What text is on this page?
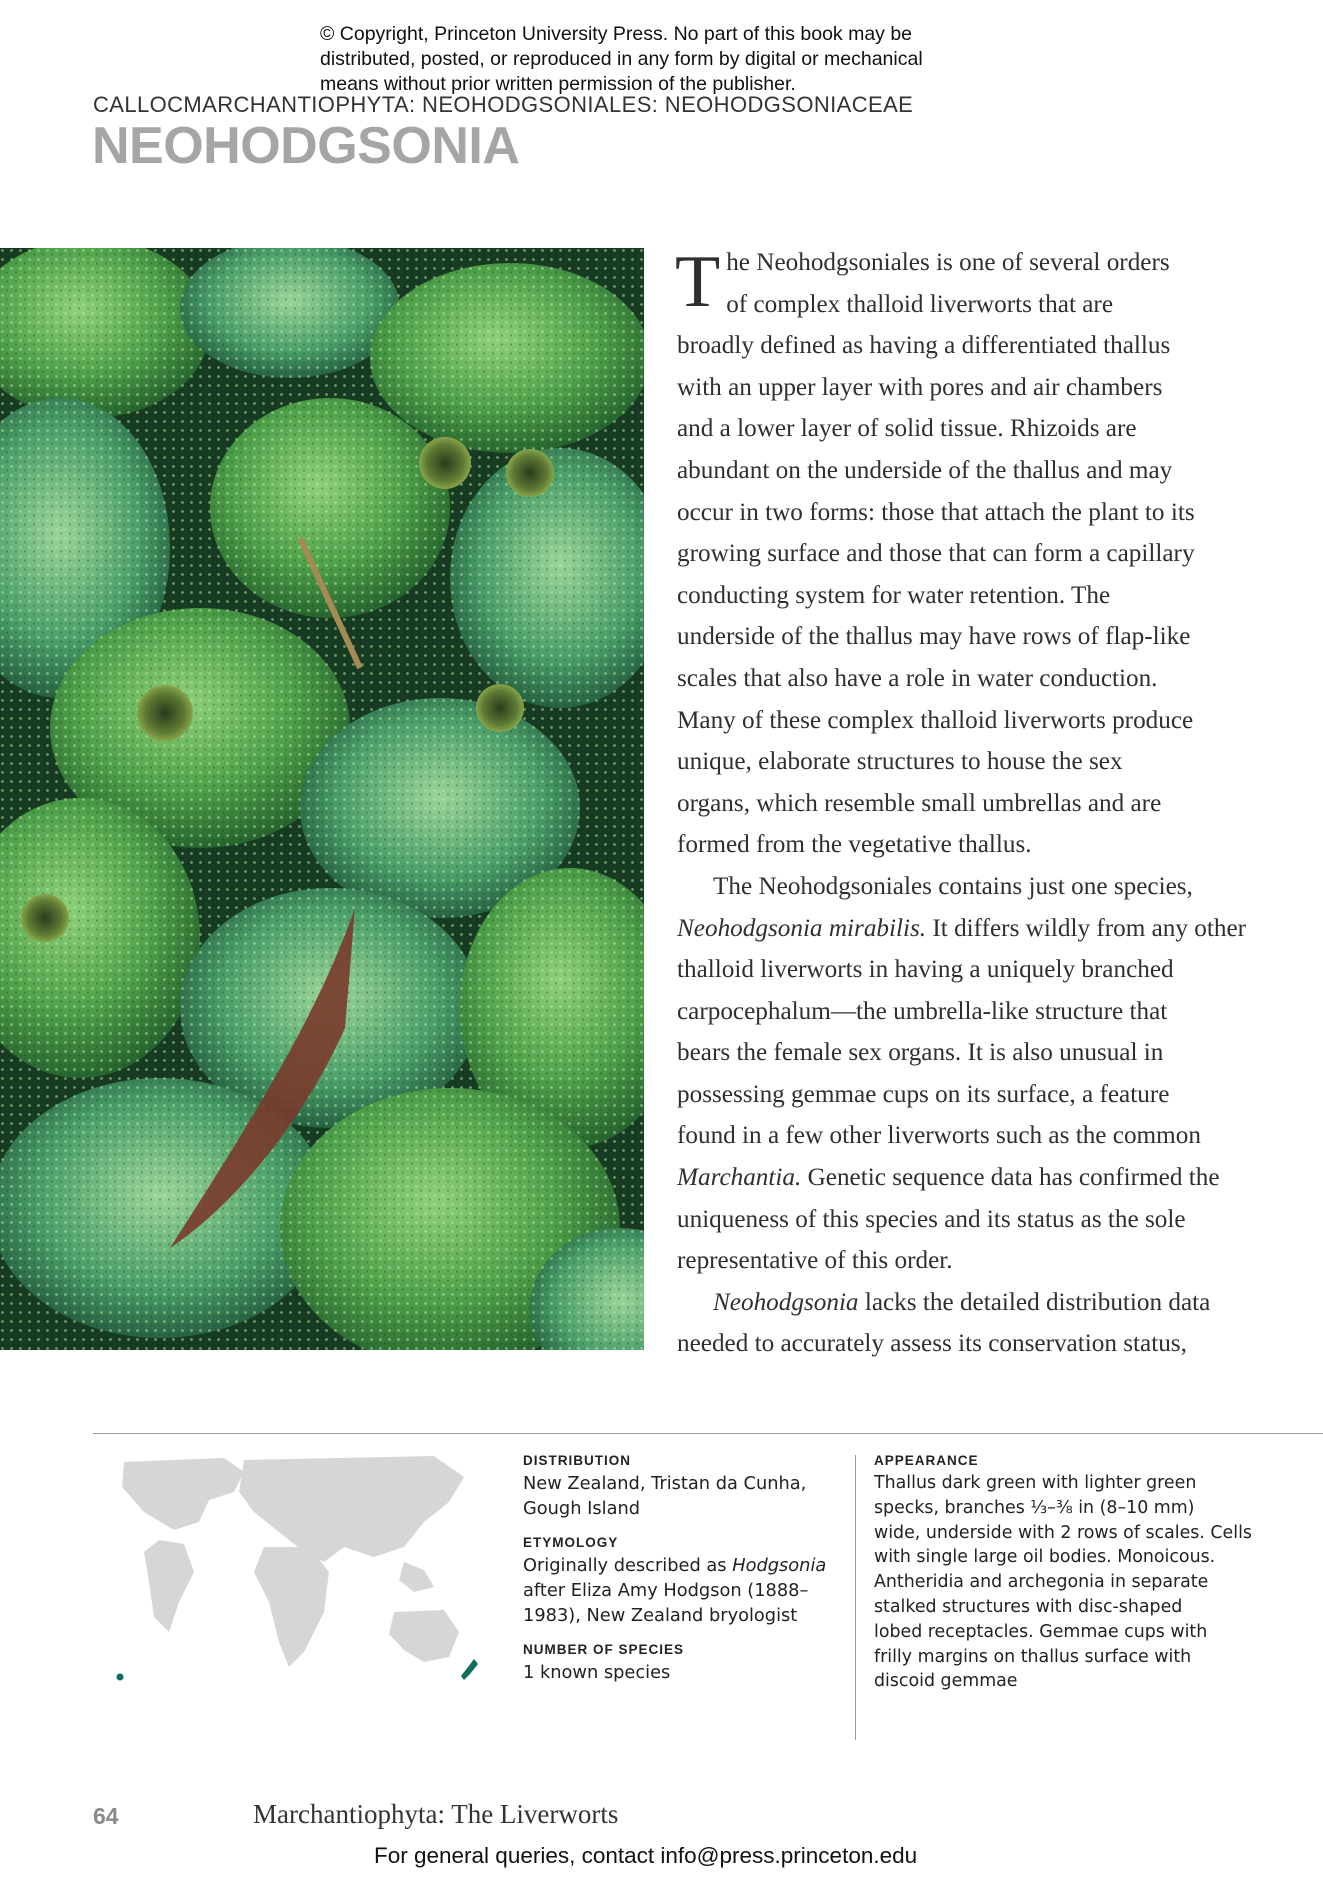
© Copyright, Princeton University Press. No part of this book may be
distributed, posted, or reproduced in any form by digital or mechanical
means without prior written permission of the publisher.
CALLOCMARCHANTIOPHYTA: NEOHODGSONIALES: NEOHODGSONIACEAE
NEOHODGSONIA

T he Neohodgsoniales is one of several orders
of complex thalloid liverworts that are
broadly defined as having a differentiated thallus
with an upper layer with pores and air chambers
and a lower layer of solid tissue. Rhizoids are
abundant on the underside of the thallus and may
occur in two forms: those that attach the plant to its
growing surface and those that can form a capillary
conducting system for water retention. The
underside of the thallus may have rows of flap-like
scales that also have a role in water conduction.
Many of these complex thalloid liverworts produce
unique, elaborate structures to house the sex
organs, which resemble small umbrellas and are
formed from the vegetative thallus.

The Neohodgsoniales contains just one species,
Neohodgsonia mirabilis. It differs wildly from any other
thalloid liverworts in having a uniquely branched
carpocephalum—the umbrella-like structure that
bears the female sex organs. It is also unusual in
possessing gemmae cups on its surface, a feature
found in a few other liverworts such as the common
Marchantia. Genetic sequence data has confirmed the
uniqueness of this species and its status as the sole
representative of this order.

Neohodgsonia lacks the detailed distribution data
needed to accurately assess its conservation status,

DISTRIBUTION

New Zealand, Tristan da Cunha,
Gough Island

ETYMOLOGY

Originally described as Hodgsonia
after Eliza Amy Hodgson (1888–
1983), New Zealand bryologist

NUMBER OF SPECIES

1 known species

APPEARANCE

Thallus dark green with lighter green
specks, branches ⅓–⅜ in (8–10 mm)
wide, underside with 2 rows of scales. Cells
with single large oil bodies. Monoicous.
Antheridia and archegonia in separate
stalked structures with disc-shaped
lobed receptacles. Gemmae cups with
frilly margins on thallus surface with
discoid gemmae

64	Marchantiophyta: The Liverworts
For general queries, contact info@press.princeton.edu
